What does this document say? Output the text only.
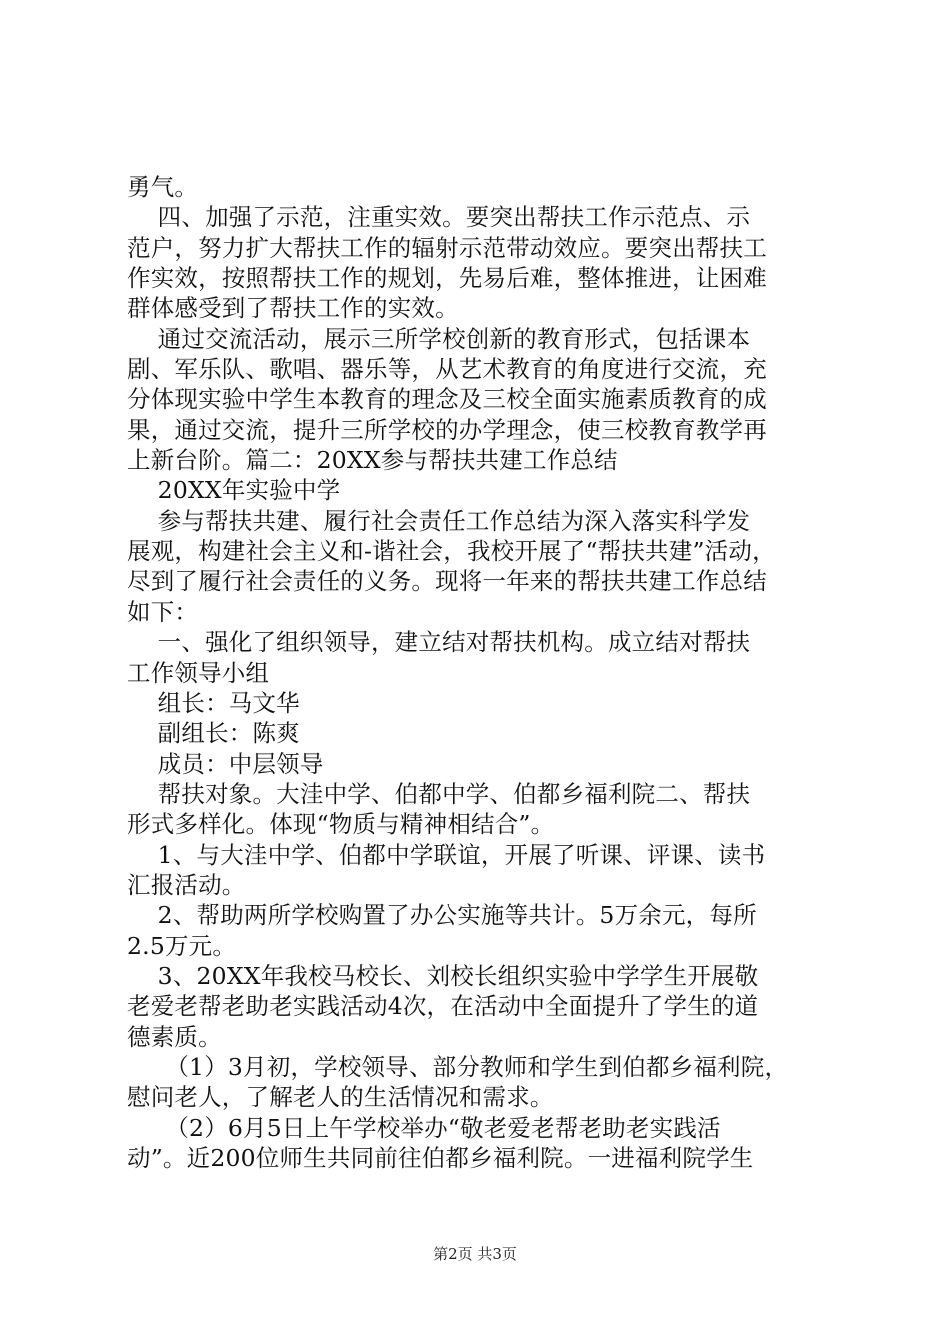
勇气。
四、加强了示范，注重实效。要突出帮扶工作示范点、示
范户，努力扩大帮扶工作的辐射示范带动效应。要突出帮扶工
作实效，按照帮扶工作的规划，先易后难，整体推进，让困难
群体感受到了帮扶工作的实效。
通过交流活动，展示三所学校创新的教育形式，包括课本
剧、军乐队、歌唱、器乐等，从艺术教育的角度进行交流，充
分体现实验中学生本教育的理念及三校全面实施素质教育的成
果，通过交流，提升三所学校的办学理念，使三校教育教学再
上新台阶。篇二：20XX参与帮扶共建工作总结
20XX年实验中学
参与帮扶共建、履行社会责任工作总结为深入落实科学发
展观，构建社会主义和-谐社会，我校开展了“帮扶共建”活动，
尽到了履行社会责任的义务。现将一年来的帮扶共建工作总结
如下：
一、强化了组织领导，建立结对帮扶机构。成立结对帮扶
工作领导小组
组长：马文华
副组长：陈爽
成员：中层领导
帮扶对象。大洼中学、伯都中学、伯都乡福利院二、帮扶
形式多样化。体现“物质与精神相结合”。
1、与大洼中学、伯都中学联谊，开展了听课、评课、读书
汇报活动。
2、帮助两所学校购置了办公实施等共计。5万余元，每所
2.5万元。
3、20XX年我校马校长、刘校长组织实验中学学生开展敬
老爱老帮老助老实践活动4次，在活动中全面提升了学生的道
德素质。
（1）3月初，学校领导、部分教师和学生到伯都乡福利院，
慰问老人，了解老人的生活情况和需求。
（2）6月5日上午学校举办“敬老爱老帮老助老实践活
动”。近200位师生共同前往伯都乡福利院。一进福利院学生
第2页 共3页
